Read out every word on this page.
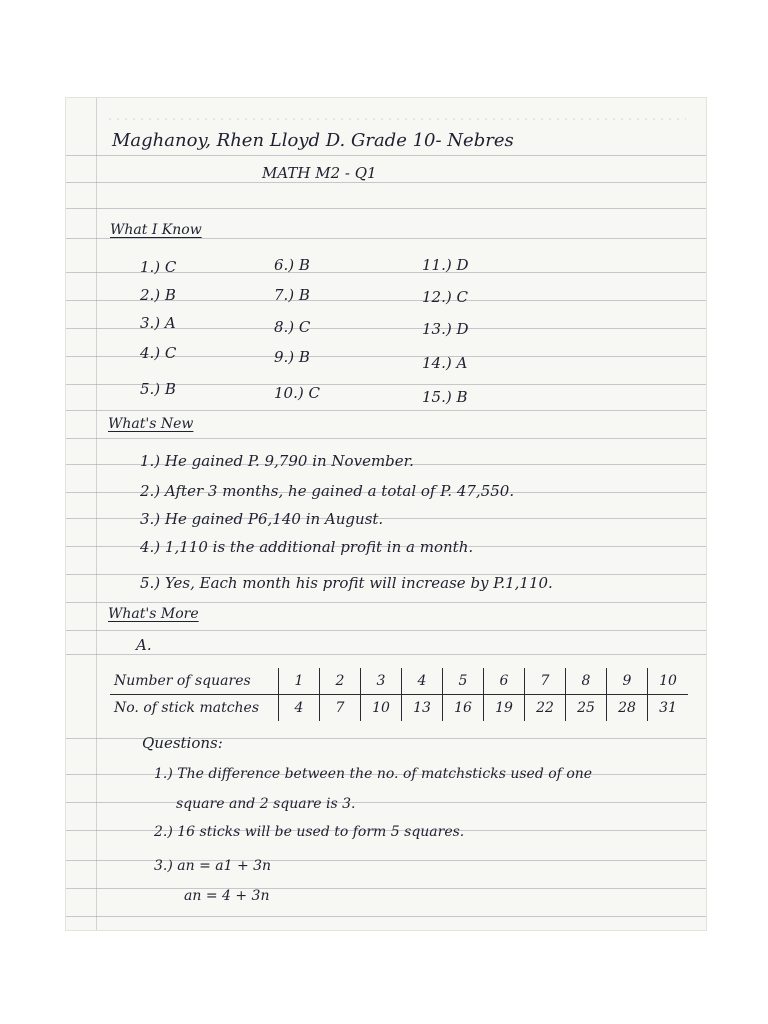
Maghanoy, Rhen Lloyd D. Grade 10- Nebres
MATH M2 - Q1
What I Know
1.) C
2.) B
3.) A
4.) C
5.) B
6.) B
7.) B
8.) C
9.) B
10.) C
11.) D
12.) C
13.) D
14.) A
15.) B
What's New
1.) He gained P. 9,790 in November.
2.) After 3 months, he gained a total of P. 47,550.
3.) He gained P6,140 in August.
4.) 1,110 is the additional profit in a month.
5.) Yes, Each month his profit will increase by P.1,110.
What's More
A.
Number of squares	1	2	3	4	5	6	7	8	9	10
No. of stick matches	4	7	10	13	16	19	22	25	28	31
Questions:
1.) The difference between the no. of matchsticks used of one
square and 2 square is 3.
2.) 16 sticks will be used to form 5 squares.
3.) an = a1 + 3n
an = 4 + 3n
